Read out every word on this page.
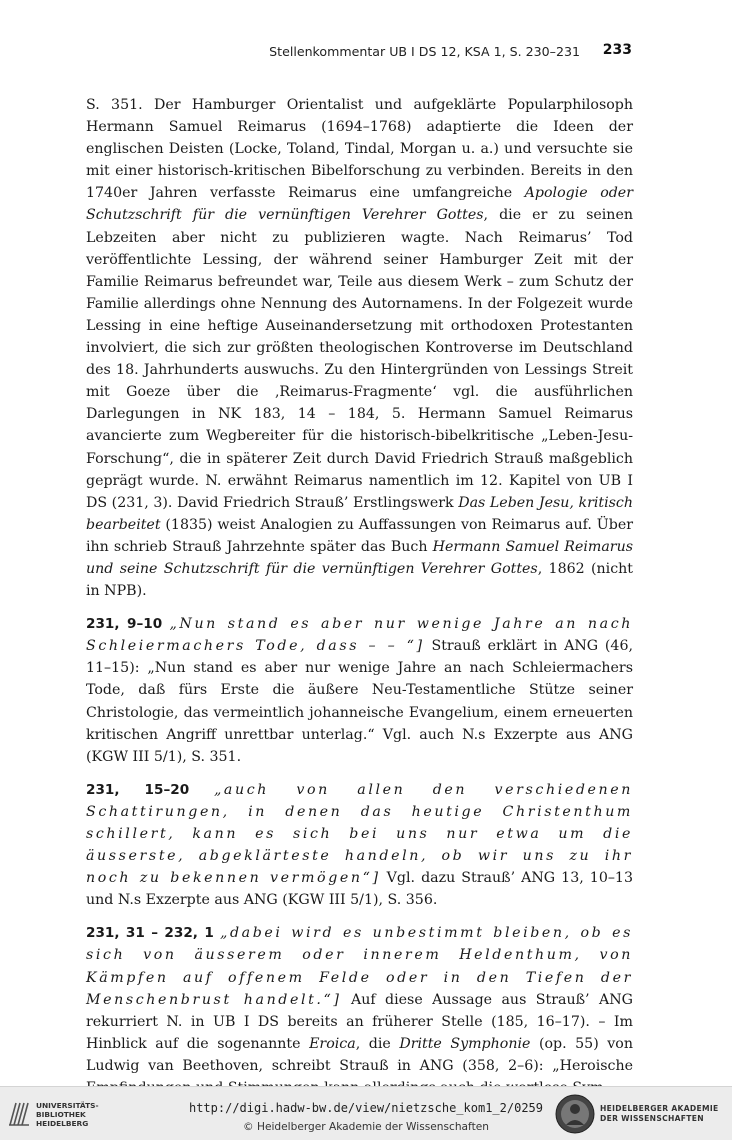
Stellenkommentar UB I DS 12, KSA 1, S. 230–231 233

S. 351. Der Hamburger Orientalist und aufgeklärte Popularphilosoph Hermann Samuel Reimarus (1694–1768) adaptierte die Ideen der englischen Deisten (Locke, Toland, Tindal, Morgan u. a.) und versuchte sie mit einer historisch-kritischen Bibelforschung zu verbinden. Bereits in den 1740er Jahren verfasste Reimarus eine umfangreiche Apologie oder Schutzschrift für die vernünftigen Verehrer Gottes, die er zu seinen Lebzeiten aber nicht zu publizieren wagte. Nach Reimarus’ Tod veröffentlichte Lessing, der während seiner Hamburger Zeit mit der Familie Reimarus befreundet war, Teile aus diesem Werk – zum Schutz der Familie allerdings ohne Nennung des Autornamens. In der Folgezeit wurde Lessing in eine heftige Auseinandersetzung mit orthodoxen Protestanten involviert, die sich zur größten theologischen Kontroverse im Deutschland des 18. Jahrhunderts auswuchs. Zu den Hintergründen von Lessings Streit mit Goeze über die ‚Reimarus-Fragmente‘ vgl. die ausführlichen Darlegungen in NK 183, 14 – 184, 5. Hermann Samuel Reimarus avancierte zum Wegbereiter für die historisch-bibelkritische „Leben-Jesu-Forschung“, die in späterer Zeit durch David Friedrich Strauß maßgeblich geprägt wurde. N. erwähnt Reimarus namentlich im 12. Kapitel von UB I DS (231, 3). David Friedrich Strauß’ Erstlingswerk Das Leben Jesu, kritisch bearbeitet (1835) weist Analogien zu Auffassungen von Reimarus auf. Über ihn schrieb Strauß Jahrzehnte später das Buch Hermann Samuel Reimarus und seine Schutzschrift für die vernünftigen Verehrer Gottes, 1862 (nicht in NPB).

231, 9–10 „Nun stand es aber nur wenige Jahre an nach Schleiermachers Tode, dass – – “] Strauß erklärt in ANG (46, 11–15): „Nun stand es aber nur wenige Jahre an nach Schleiermachers Tode, daß fürs Erste die äußere Neu-Testamentliche Stütze seiner Christologie, das vermeintlich johanneische Evangelium, einem erneuerten kritischen Angriff unrettbar unterlag.“ Vgl. auch N.s Exzerpte aus ANG (KGW III 5/1), S. 351.

231, 15–20 „auch von allen den verschiedenen Schattirungen, in denen das heutige Christenthum schillert, kann es sich bei uns nur etwa um die äusserste, abgeklärteste handeln, ob wir uns zu ihr noch zu bekennen vermögen“] Vgl. dazu Strauß’ ANG 13, 10–13 und N.s Exzerpte aus ANG (KGW III 5/1), S. 356.

231, 31 – 232, 1 „dabei wird es unbestimmt bleiben, ob es sich von äusserem oder innerem Heldenthum, von Kämpfen auf offenem Felde oder in den Tiefen der Menschenbrust handelt.“] Auf diese Aussage aus Strauß’ ANG rekurriert N. in UB I DS bereits an früherer Stelle (185, 16–17). – Im Hinblick auf die sogenannte Eroica, die Dritte Symphonie (op. 55) von Ludwig van Beethoven, schreibt Strauß in ANG (358, 2–6): „Heroische

UNIVERSITÄTS-
BIBLIOTHEK
HEIDELBERG
http://digi.hadw-bw.de/view/nietzsche_kom1_2/0259
© Heidelberger Akademie der Wissenschaften
HEIDELBERGER AKADEMIE
DER WISSENSCHAFTEN
